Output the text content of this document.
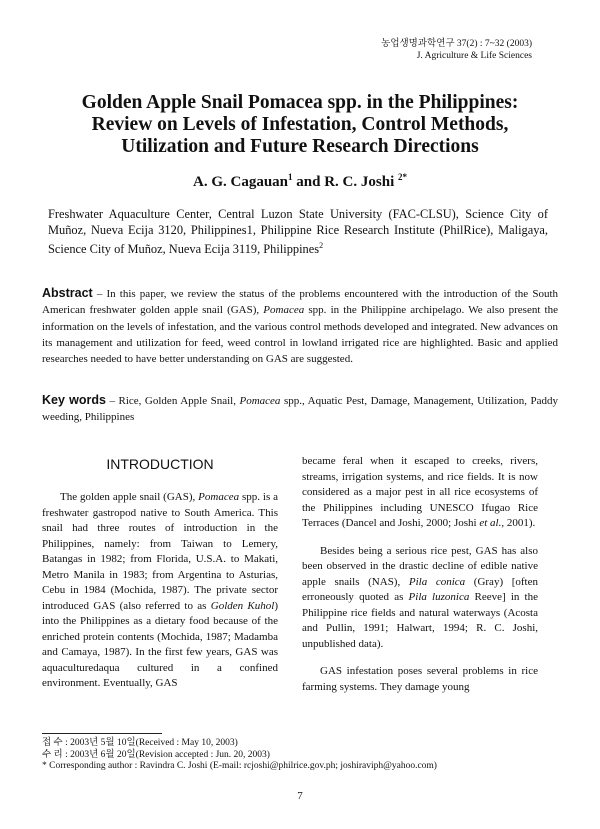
농업생명과학연구 37(2) : 7~32 (2003)
J. Agriculture & Life Sciences
Golden Apple Snail Pomacea spp. in the Philippines:
Review on Levels of Infestation, Control Methods,
Utilization and Future Research Directions
A. G. Cagauan$^1$ and R. C. Joshi $^{2*}$
Freshwater Aquaculture Center, Central Luzon State University (FAC-CLSU), Science City of Muñoz, Nueva Ecija 3120, Philippines1, Philippine Rice Research Institute (PhilRice), Maligaya, Science City of Muñoz, Nueva Ecija 3119, Philippines$^2$
Abstract – In this paper, we review the status of the problems encountered with the introduction of the South American freshwater golden apple snail (GAS), Pomacea spp. in the Philippine archipelago. We also present the information on the levels of infestation, and the various control methods developed and integrated. New advances on its management and utilization for feed, weed control in lowland irrigated rice are highlighted. Basic and applied researches needed to have better understanding on GAS are suggested.
Key words – Rice, Golden Apple Snail, Pomacea spp., Aquatic Pest, Damage, Management, Utilization, Paddy weeding, Philippines
INTRODUCTION

The golden apple snail (GAS), Pomacea spp. is a freshwater gastropod native to South America. This snail had three routes of introduction in the Philippines, namely: from Taiwan to Lemery, Batangas in 1982; from Florida, U.S.A. to Makati, Metro Manila in 1983; from Argentina to Asturias, Cebu in 1984 (Mochida, 1987). The private sector introduced GAS (also referred to as Golden Kuhol) into the Philippines as a dietary food because of the enriched protein contents (Mochida, 1987; Madamba and Camaya, 1987). In the first few years, GAS was aquaculturedaqua cultured in a confined environment. Eventually, GAS

became feral when it escaped to creeks, rivers, streams, irrigation systems, and rice fields. It is now considered as a major pest in all rice ecosystems of the Philippines including UNESCO Ifugao Rice Terraces (Dancel and Joshi, 2000; Joshi et al., 2001).

Besides being a serious rice pest, GAS has also been observed in the drastic decline of edible native apple snails (NAS), Pila conica (Gray) [often erroneously quoted as Pila luzonica Reeve] in the Philippine rice fields and natural waterways (Acosta and Pullin, 1991; Halwart, 1994; R. C. Joshi, unpublished data).

GAS infestation poses several problems in rice farming systems. They damage young

접 수 : 2003년 5월 10일(Received : May 10, 2003)
수 리 : 2003년 6월 20일(Revision accepted : Jun. 20, 2003)
* Corresponding author : Ravindra C. Joshi (E-mail: rcjoshi@philrice.gov.ph; joshiraviph@yahoo.com)
7
